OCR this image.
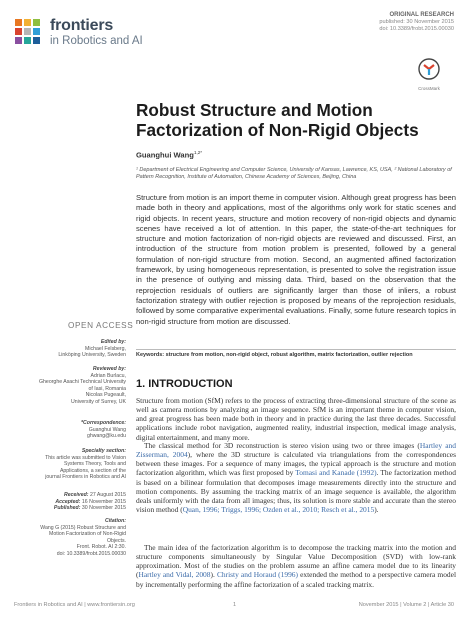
frontiers
in Robotics and AI
ORIGINAL RESEARCH
published: 30 November 2015
doi: 10.3389/frobt.2015.00030
CrossMark
Robust Structure and Motion Factorization of Non-Rigid Objects
Guanghui Wang$^{1,2*}$
¹ Department of Electrical Engineering and Computer Science, University of Kansas, Lawrence, KS, USA, ² National Laboratory of Pattern Recognition, Institute of Automation, Chinese Academy of Sciences, Beijing, China
Structure from motion is an import theme in computer vision. Although great progress has been made both in theory and applications, most of the algorithms only work for static scenes and rigid objects. In recent years, structure and motion recovery of non-rigid objects and dynamic scenes have received a lot of attention. In this paper, the state-of-the-art techniques for structure and motion factorization of non-rigid objects are reviewed and discussed. First, an introduction of the structure from motion problem is presented, followed by a general formulation of non-rigid structure from motion. Second, an augmented affined factorization framework, by using homogeneous representation, is presented to solve the registration issue in the presence of outlying and missing data. Third, based on the observation that the reprojection residuals of outliers are significantly larger than those of inliers, a robust factorization strategy with outlier rejection is proposed by means of the reprojection residuals, followed by some comparative experimental evaluations. Finally, some future research topics in non-rigid structure from motion are discussed.
Keywords: structure from motion, non-rigid object, robust algorithm, matrix factorization, outlier rejection
OPEN ACCESS
Edited by:
Michael Felsberg,
Linköping University, Sweden
Reviewed by:
Adrian Burlacu,
Gheorghe Asachi Technical University
of Iasi, Romania
Nicolas Pugeault,
University of Surrey, UK
*Correspondence:
Guanghui Wang
ghwang@ku.edu
Specialty section:
This article was submitted to Vision
Systems Theory, Tools and
Applications, a section of the
journal Frontiers in Robotics and AI
Received: 27 August 2015
Accepted: 16 November 2015
Published: 30 November 2015
Citation:
Wang G (2015) Robust Structure and
Motion Factorization of Non-Rigid
Objects.
Front. Robot. AI 2:30.
doi: 10.3389/frobt.2015.00030
1. INTRODUCTION
Structure from motion (SfM) refers to the process of extracting three-dimensional structure of the scene as well as camera motions by analyzing an image sequence. SfM is an important theme in computer vision, and great progress has been made both in theory and in practice during the last three decades. Successful applications include robot navigation, augmented reality, industrial inspection, medical image analysis, digital entertainment, and many more.
The classical method for 3D reconstruction is stereo vision using two or three images (Hartley and Zisserman, 2004), where the 3D structure is calculated via triangulations from the correspondences between these images. For a sequence of many images, the typical approach is the structure and motion factorization algorithm, which was first proposed by Tomasi and Kanade (1992). The factorization method is based on a bilinear formulation that decomposes image measurements directly into the structure and motion components. By assuming the tracking matrix of an image sequence is available, the algorithm deals uniformly with the data from all images; thus, its solution is more stable and accurate than the stereo vision method (Quan, 1996; Triggs, 1996; Ozden et al., 2010; Resch et al., 2015).
The main idea of the factorization algorithm is to decompose the tracking matrix into the motion and structure components simultaneously by Singular Value Decomposition (SVD) with low-rank approximation. Most of the studies on the problem assume an affine camera model due to its linearity (Hartley and Vidal, 2008). Christy and Horaud (1996) extended the method to a perspective camera model by incrementally performing the affine factorization of a scaled tracking matrix.
Frontiers in Robotics and AI | www.frontiersin.org	1	November 2015 | Volume 2 | Article 30
